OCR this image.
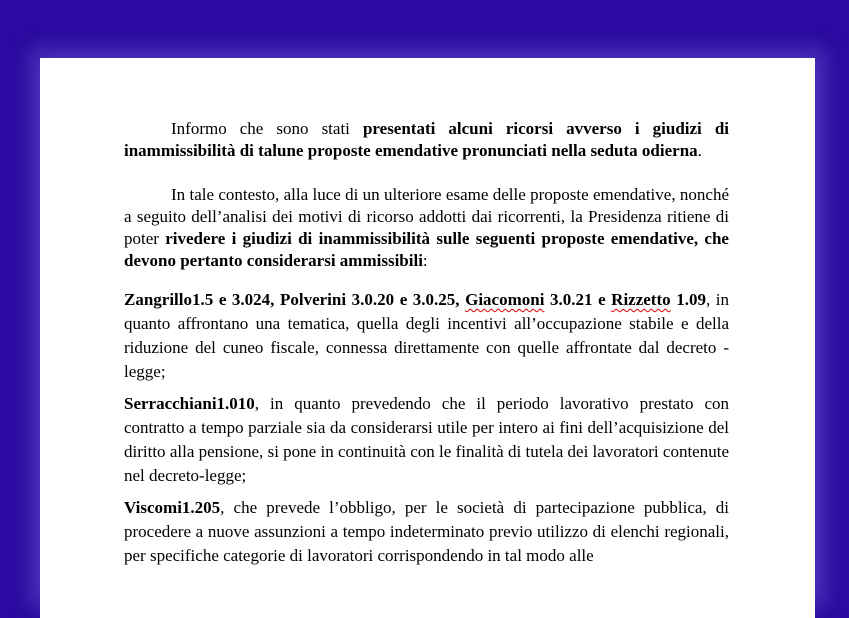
Informo che sono stati presentati alcuni ricorsi avverso i giudizi di inammissibilità di talune proposte emendative pronunciati nella seduta odierna.

In tale contesto, alla luce di un ulteriore esame delle proposte emendative, nonché a seguito dell’analisi dei motivi di ricorso addotti dai ricorrenti, la Presidenza ritiene di poter rivedere i giudizi di inammissibilità sulle seguenti proposte emendative, che devono pertanto considerarsi ammissibili:

Zangrillo1.5 e 3.024, Polverini 3.0.20 e 3.0.25, Giacomoni 3.0.21 e Rizzetto 1.09, in quanto affrontano una tematica, quella degli incentivi all’occupazione stabile e della riduzione del cuneo fiscale, connessa direttamente con quelle affrontate dal decreto - legge;

Serracchiani1.010, in quanto prevedendo che il periodo lavorativo prestato con contratto a tempo parziale sia da considerarsi utile per intero ai fini dell’acquisizione del diritto alla pensione, si pone in continuità con le finalità di tutela dei lavoratori contenute nel decreto-legge;

Viscomi1.205, che prevede l’obbligo, per le società di partecipazione pubblica, di procedere a nuove assunzioni a tempo indeterminato previo utilizzo di elenchi regionali, per specifiche categorie di lavoratori corrispondendo in tal modo alle
